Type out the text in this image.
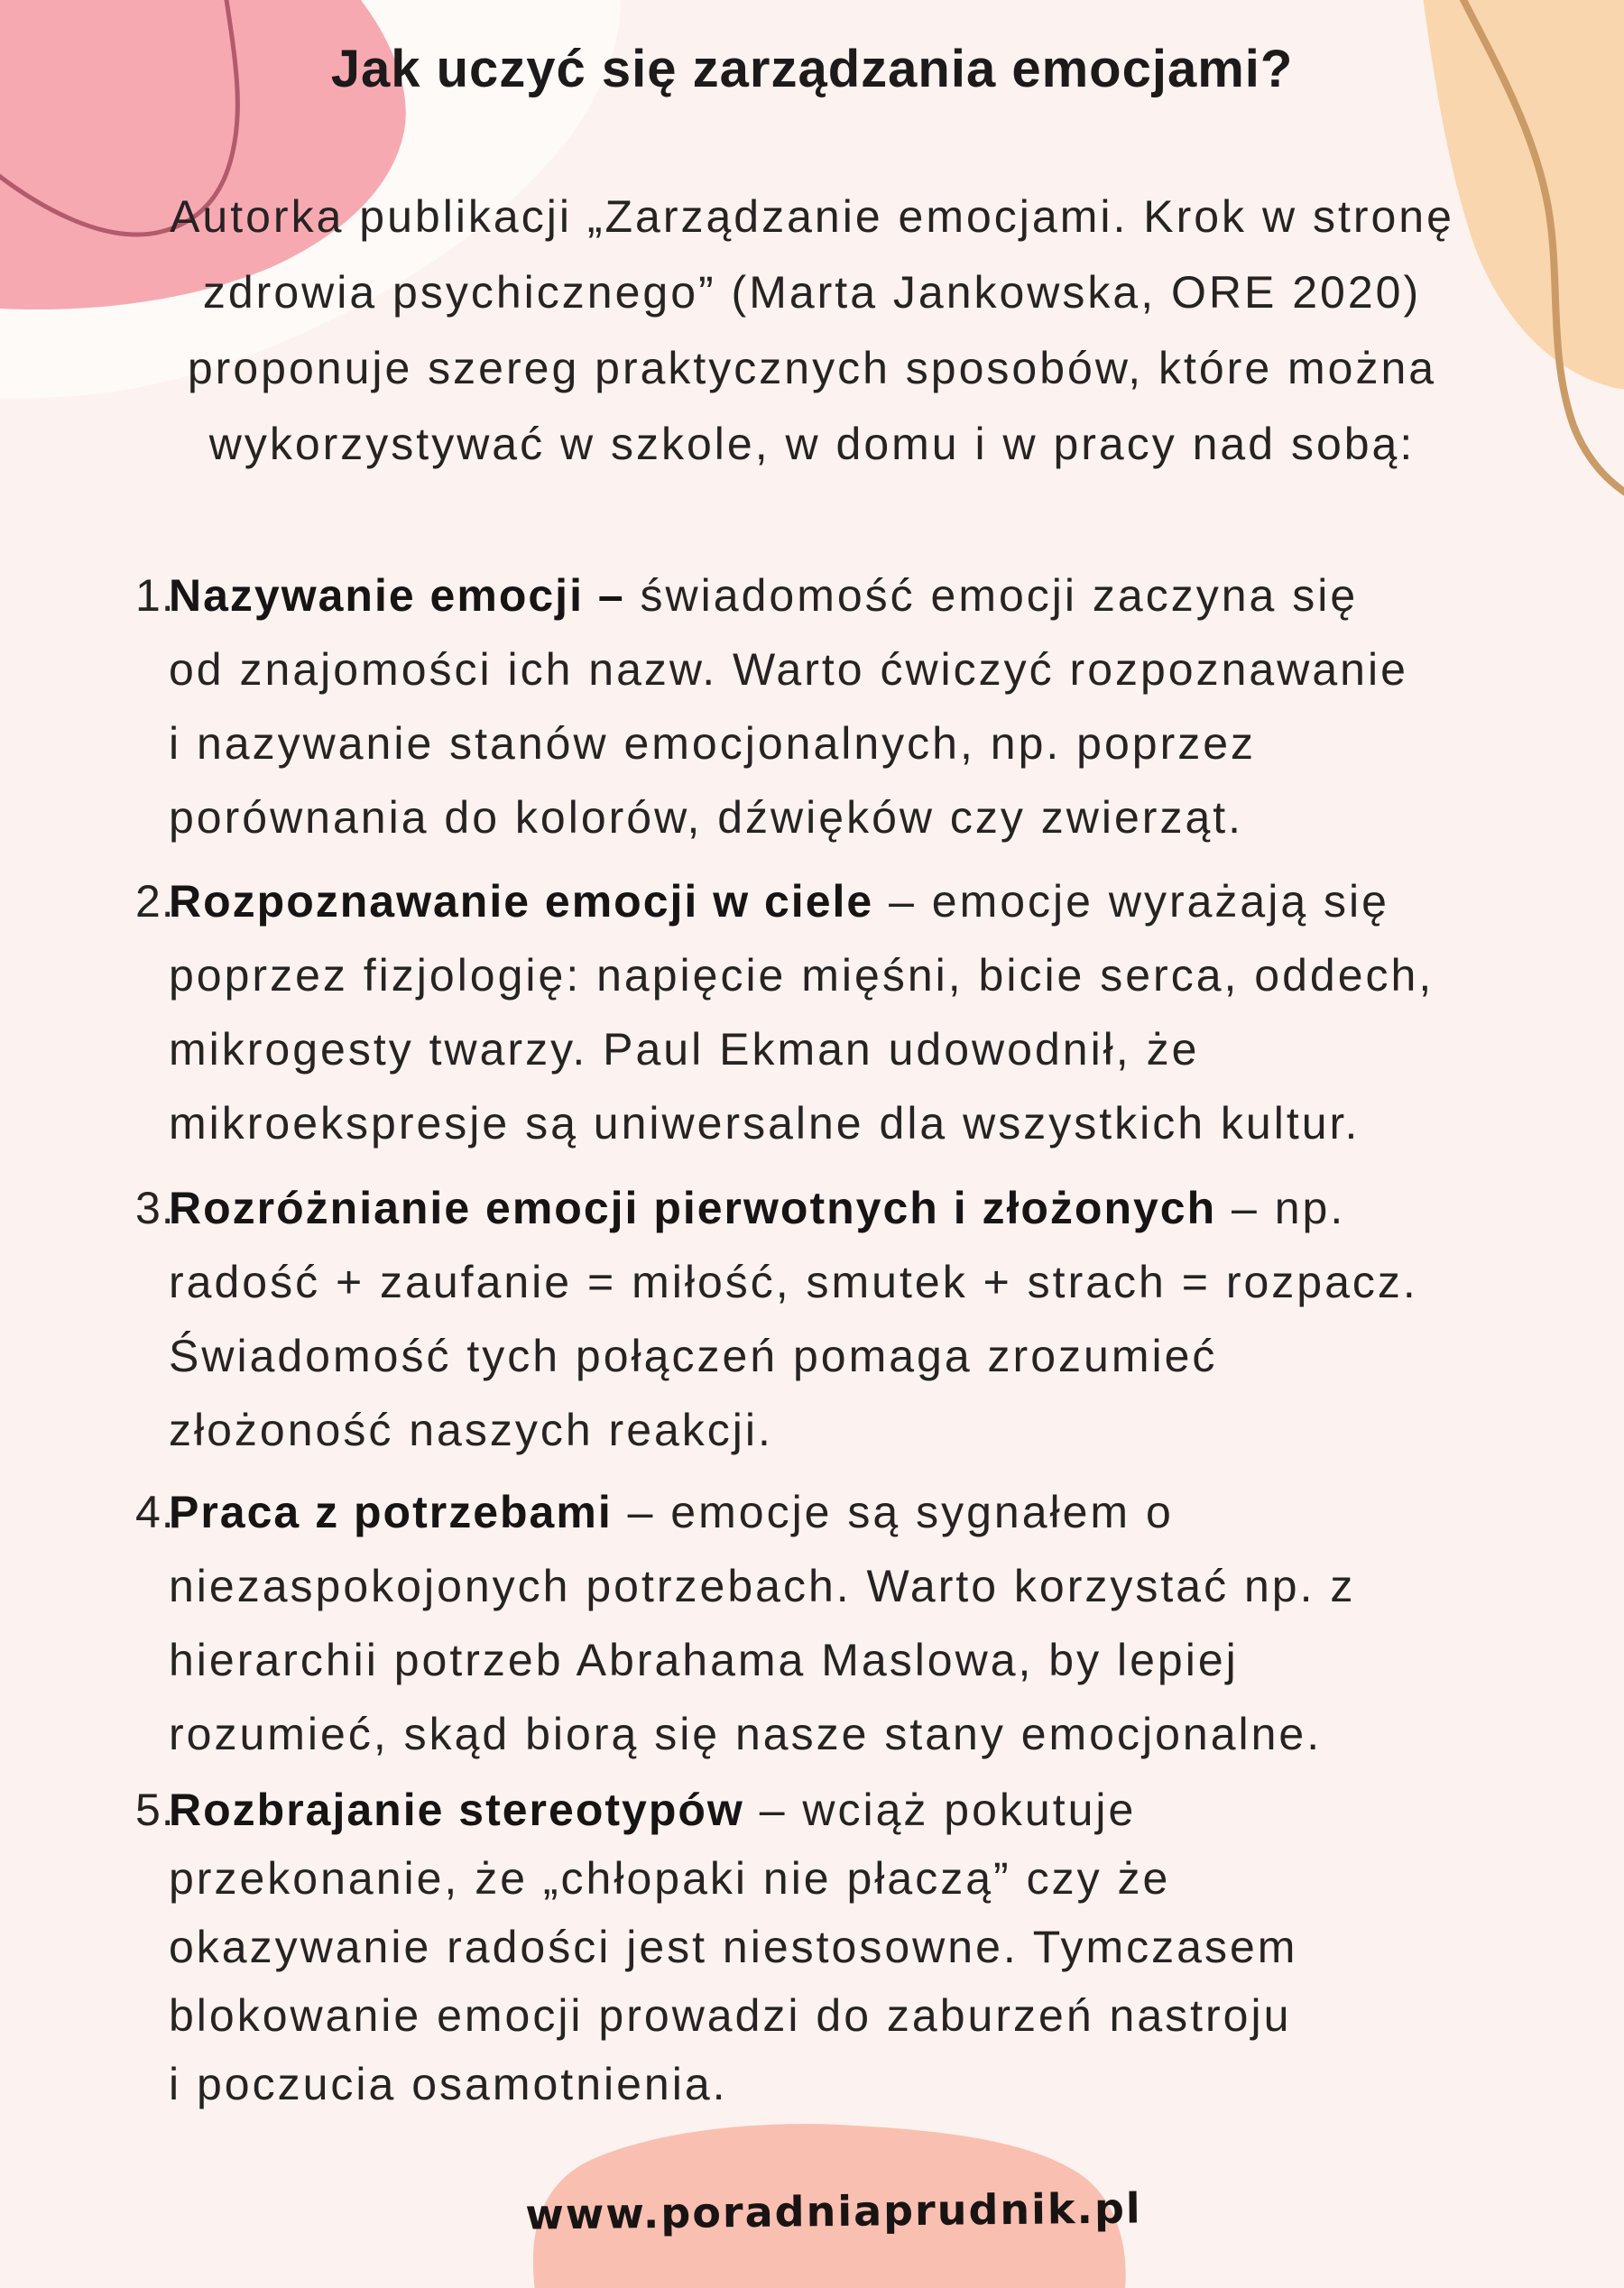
Jak uczyć się zarządzania emocjami?
Autorka publikacji „Zarządzanie emocjami. Krok w stronę
zdrowia psychicznego” (Marta Jankowska, ORE 2020)
proponuje szereg praktycznych sposobów, które można
wykorzystywać w szkole, w domu i w pracy nad sobą:
1.
Nazywanie emocji – świadomość emocji zaczyna się
od znajomości ich nazw. Warto ćwiczyć rozpoznawanie
i nazywanie stanów emocjonalnych, np. poprzez
porównania do kolorów, dźwięków czy zwierząt.
2.
Rozpoznawanie emocji w ciele – emocje wyrażają się
poprzez fizjologię: napięcie mięśni, bicie serca, oddech,
mikrogesty twarzy. Paul Ekman udowodnił, że
mikroekspresje są uniwersalne dla wszystkich kultur.
3.
Rozróżnianie emocji pierwotnych i złożonych – np.
radość + zaufanie = miłość, smutek + strach = rozpacz.
Świadomość tych połączeń pomaga zrozumieć
złożoność naszych reakcji.
4.
Praca z potrzebami – emocje są sygnałem o
niezaspokojonych potrzebach. Warto korzystać np. z
hierarchii potrzeb Abrahama Maslowa, by lepiej
rozumieć, skąd biorą się nasze stany emocjonalne.
5.
Rozbrajanie stereotypów – wciąż pokutuje
przekonanie, że „chłopaki nie płaczą” czy że
okazywanie radości jest niestosowne. Tymczasem
blokowanie emocji prowadzi do zaburzeń nastroju
i poczucia osamotnienia.
www.poradniaprudnik.pl
